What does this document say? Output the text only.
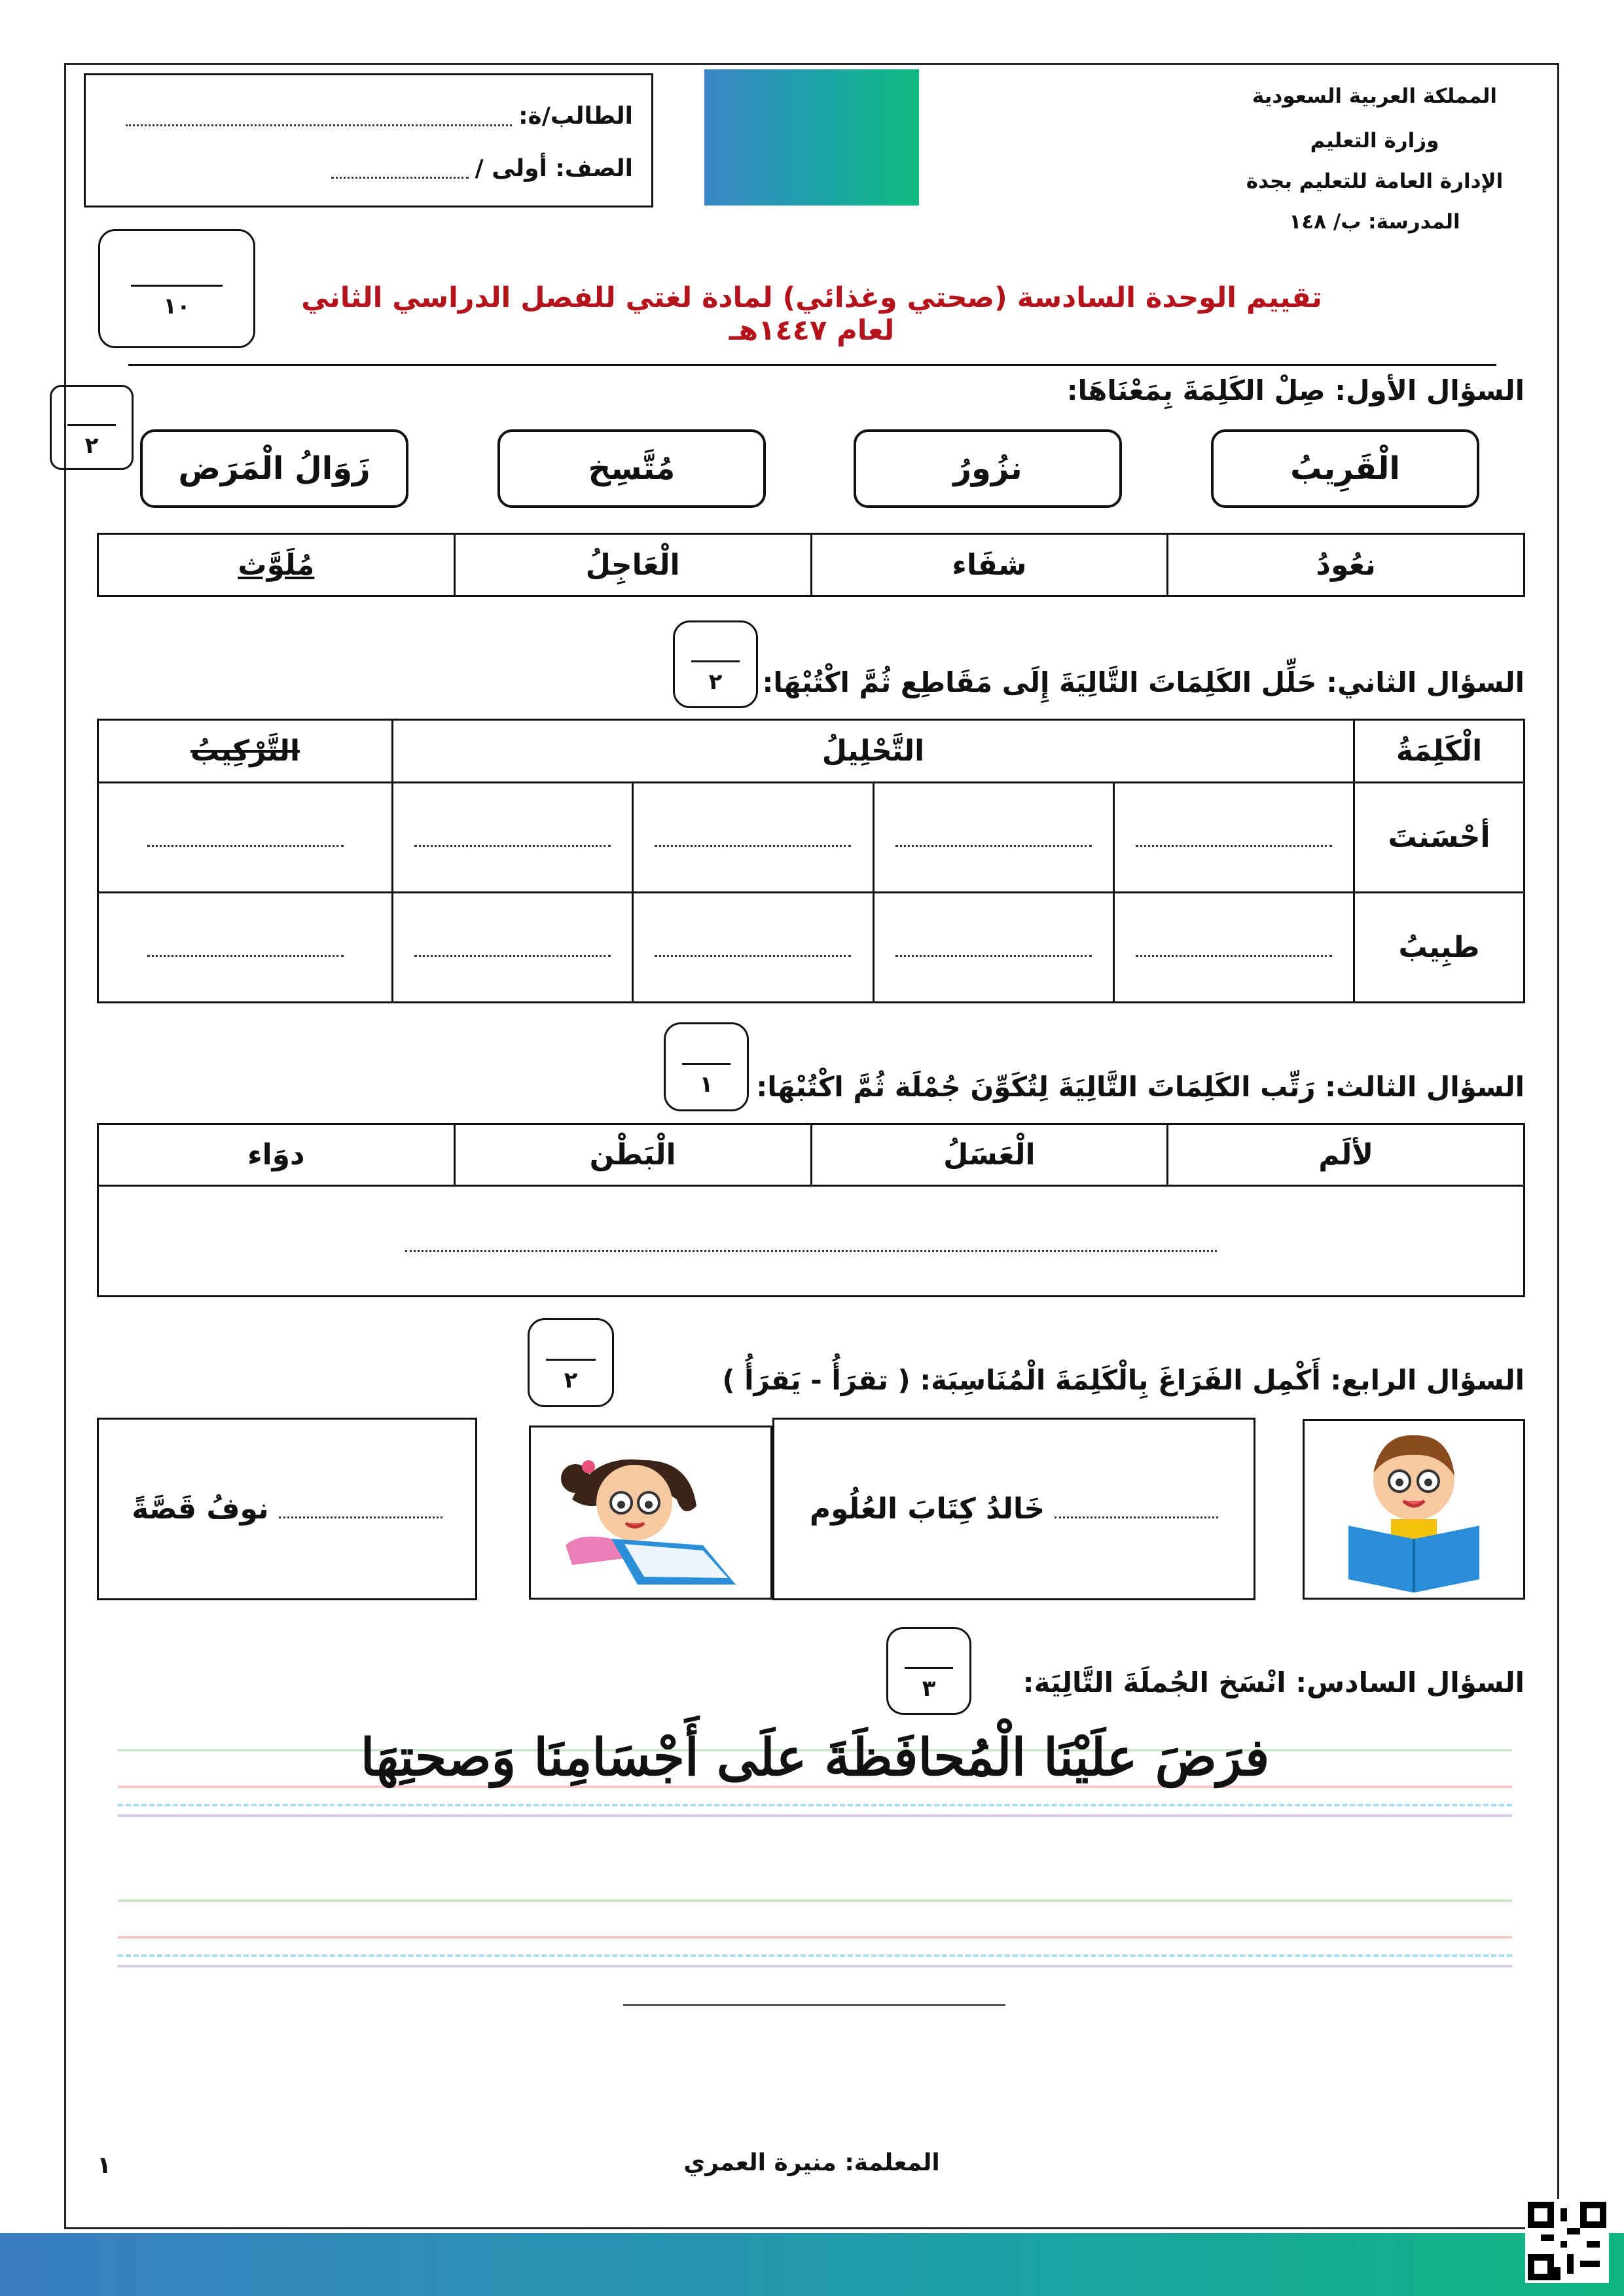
المملكة العربية السعودية
وزارة التعليم
الإدارة العامة للتعليم بجدة
المدرسة: ب/ ١٤٨
الطالب/ة:
الصف: أولى /
١٠	تقييم الوحدة السادسة (صحتي وغذائي) لمادة لغتي للفصل الدراسي الثاني لعام ١٤٤٧هـ
السؤال الأول: صِلْ الكَلِمَةَ بِمَعْنَاهَا:
٢
الْقَرِيبُ
نزُورُ
مُتَّسِخ
زَوَالُ الْمَرَض
نعُودُ	شفَاء	الْعَاجِلُ	مُلَوَّث
السؤال الثاني: حَلِّل الكَلِمَاتَ التَّالِيَةَ إِلَى مَقَاطِع ثُمَّ اكْتُبْهَا:
٢
الْكَلِمَةُ	التَّحْلِيلُ				التَّرْكِيبُ
أحْسَنتَ					
طبِيبُ					
السؤال الثالث: رَتِّب الكَلِمَاتَ التَّالِيَةَ لِتُكَوِّنَ جُمْلَة ثُمَّ اكْتُبْهَا:
١
لألَم	الْعَسَلُ	الْبَطْن	دوَاء

السؤال الرابع: أَكْمِل الفَرَاغَ بِالْكَلِمَةَ الْمُنَاسِبَة: ( تقرَأُ - يَقرَأُ )
٢
خَالدُ كِتَابَ العُلُوم	
نوفُ قَصَّةً
السؤال السادس: انْسَخ الجُملَةَ التَّالِيَة:
٣
فرَضَ علَيْنَا الْمُحافَظَةَ علَى أَجْسَامِنَا وَصحتِهَا
المعلمة: منيرة العمري
١
